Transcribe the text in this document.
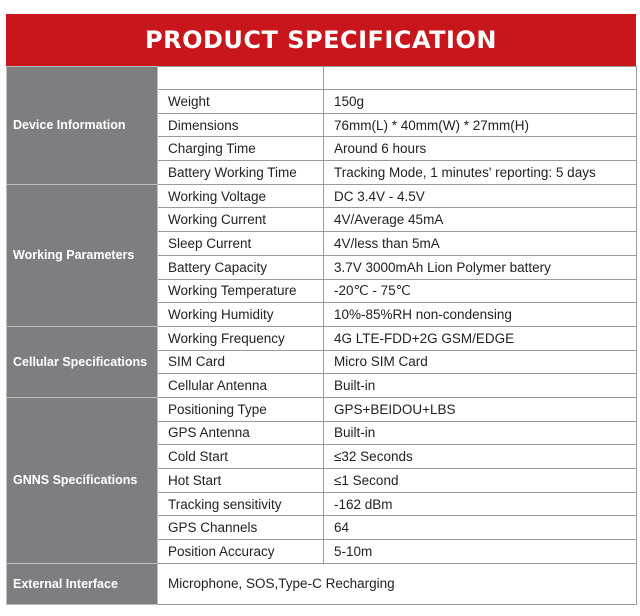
PRODUCT SPECIFICATION
Device Information		
	Weight	150g
	Dimensions	76mm(L) * 40mm(W) * 27mm(H)
	Charging Time	Around 6 hours
	Battery Working Time	Tracking Mode, 1 minutes' reporting: 5 days
Working Parameters	Working Voltage	DC 3.4V - 4.5V
	Working Current	4V/Average 45mA
	Sleep Current	4V/less than 5mA
	Battery Capacity	3.7V 3000mAh Lion Polymer battery
	Working Temperature	-20℃ - 75℃
	Working Humidity	10%-85%RH non-condensing
Cellular Specifications	Working Frequency	4G LTE-FDD+2G GSM/EDGE
	SIM Card	Micro SIM Card
	Cellular Antenna	Built-in
GNNS Specifications	Positioning Type	GPS+BEIDOU+LBS
	GPS Antenna	Built-in
	Cold Start	≤32 Seconds
	Hot Start	≤1 Second
	Tracking sensitivity	-162 dBm
	GPS Channels	64
	Position Accuracy	5-10m
External Interface	Microphone, SOS,Type-C Recharging	
